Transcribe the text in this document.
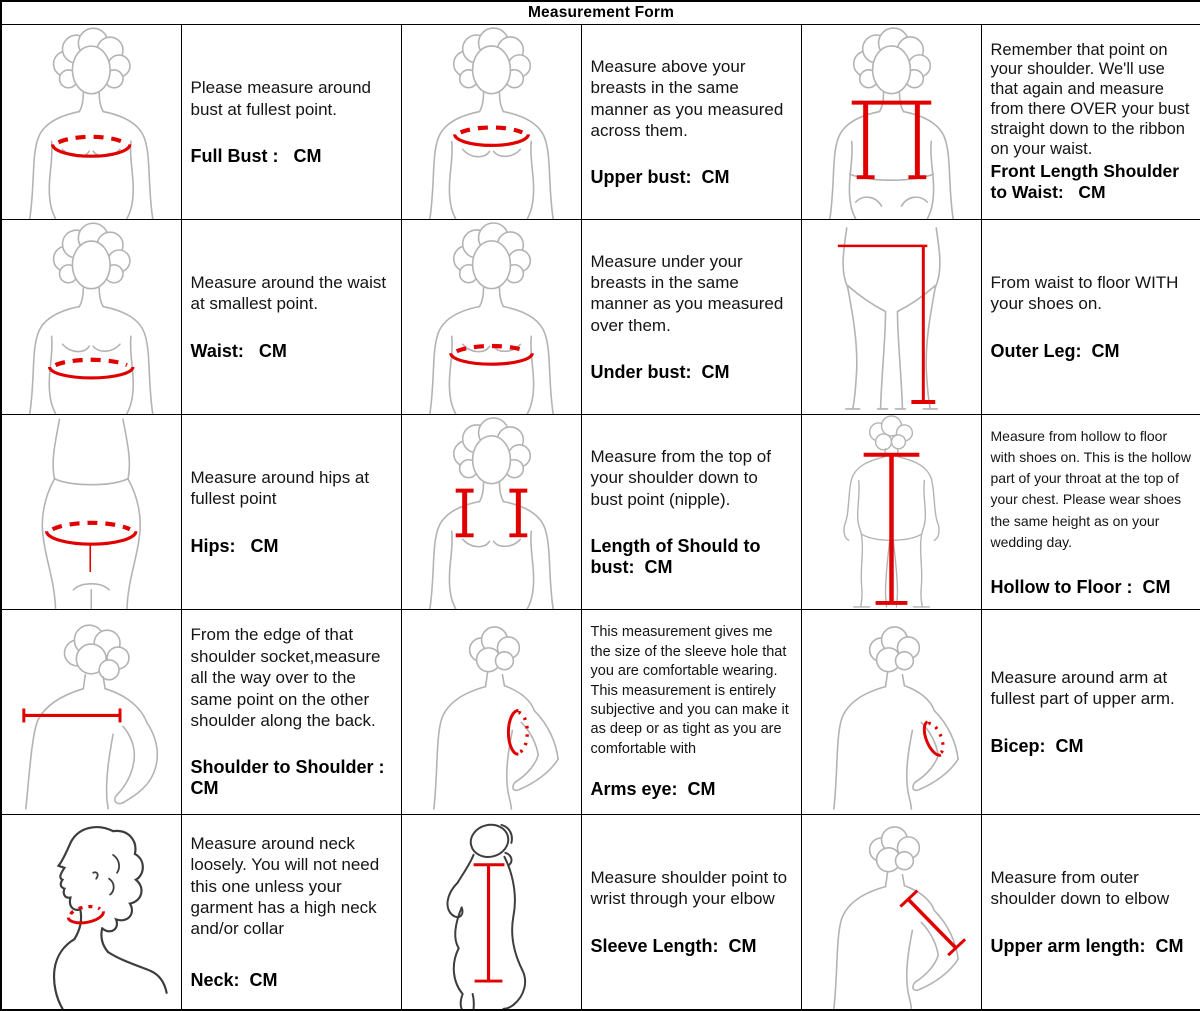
Measurement Form					

Please measure around bust at fullest point.
Full Bust :   CM

Measure above your breasts in the same manner as you measured across them.
Upper bust:  CM

Remember that point on your shoulder. We'll use that again and measure from there OVER your bust straight down to the ribbon on your waist.
Front Length Shoulder to Waist:   CM

Measure around the waist at smallest point.
Waist:   CM

Measure under your breasts in the same manner as you measured over them.
Under bust:  CM

From waist to floor WITH your shoes on.
Outer Leg:  CM

Measure around hips at fullest point
Hips:   CM

Measure from the top of your shoulder down to bust point (nipple).
Length of Should to bust:  CM

Measure from hollow to floor with shoes on. This is the hollow part of your throat at the top of your chest. Please wear shoes the same height as on your wedding day.
Hollow to Floor :  CM

From the edge of that shoulder socket,measure all the way over to the same point on the other shoulder along the back.
Shoulder to Shoulder : CM

This measurement gives me the size of the sleeve hole that you are comfortable wearing. This measurement is entirely subjective and you can make it as deep or as tight as you are comfortable with
Arms eye:  CM

Measure around arm at fullest part of upper arm.
Bicep:  CM

Measure around neck loosely. You will not need this one unless your garment has a high neck and/or collar
Neck:  CM

Measure shoulder point to wrist through your elbow
Sleeve Length:  CM

Measure from outer shoulder down to elbow
Upper arm length:  CM
